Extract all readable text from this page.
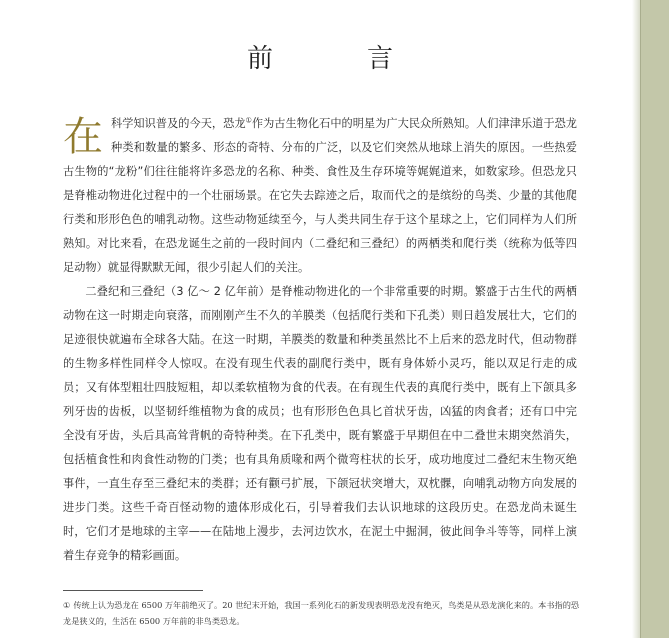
前　言

在 科学知识普及的今天，恐龙①作为古生物化石中的明星为广大民众所熟知。人们津津乐道于恐龙种类和数量的繁多、形态的奇特、分布的广泛，以及它们突然从地球上消失的原因。一些热爱古生物的“龙粉”们往往能将许多恐龙的名称、种类、食性及生存环境等娓娓道来，如数家珍。但恐龙只是脊椎动物进化过程中的一个壮丽场景。在它失去踪迹之后，取而代之的是缤纷的鸟类、少量的其他爬行类和形形色色的哺乳动物。这些动物延续至今，与人类共同生存于这个星球之上，它们同样为人们所熟知。对比来看，在恐龙诞生之前的一段时间内（二叠纪和三叠纪）的两栖类和爬行类（统称为低等四足动物）就显得默默无闻，很少引起人们的关注。

二叠纪和三叠纪（3 亿～ 2 亿年前）是脊椎动物进化的一个非常重要的时期。繁盛于古生代的两栖动物在这一时期走向衰落，而刚刚产生不久的羊膜类（包括爬行类和下孔类）则日趋发展壮大，它们的足迹很快就遍布全球各大陆。在这一时期，羊膜类的数量和种类虽然比不上后来的恐龙时代，但动物群的生物多样性同样令人惊叹。在没有现生代表的副爬行类中，既有身体娇小灵巧，能以双足行走的成员；又有体型粗壮四肢短粗，却以柔软植物为食的代表。在有现生代表的真爬行类中，既有上下颌具多列牙齿的齿板，以坚韧纤维植物为食的成员；也有形形色色具匕首状牙齿，凶猛的肉食者；还有口中完全没有牙齿，头后具高耸背帆的奇特种类。在下孔类中，既有繁盛于早期但在中二叠世末期突然消失，包括植食性和肉食性动物的门类；也有具角质喙和两个微弯柱状的长牙，成功地度过二叠纪末生物灭绝事件，一直生存至三叠纪末的类群；还有颧弓扩展，下颌冠状突增大，双枕髁，向哺乳动物方向发展的进步门类。这些千奇百怪动物的遗体形成化石，引导着我们去认识地球的这段历史。在恐龙尚未诞生时，它们才是地球的主宰——在陆地上漫步，去河边饮水，在泥土中掘洞，彼此间争斗等等，同样上演着生存竞争的精彩画面。

① 传统上认为恐龙在 6500 万年前绝灭了。20 世纪末开始，我国一系列化石的新发现表明恐龙没有绝灭，鸟类是从恐龙演化来的。本书指的恐龙是狭义的，生活在 6500 万年前的非鸟类恐龙。
